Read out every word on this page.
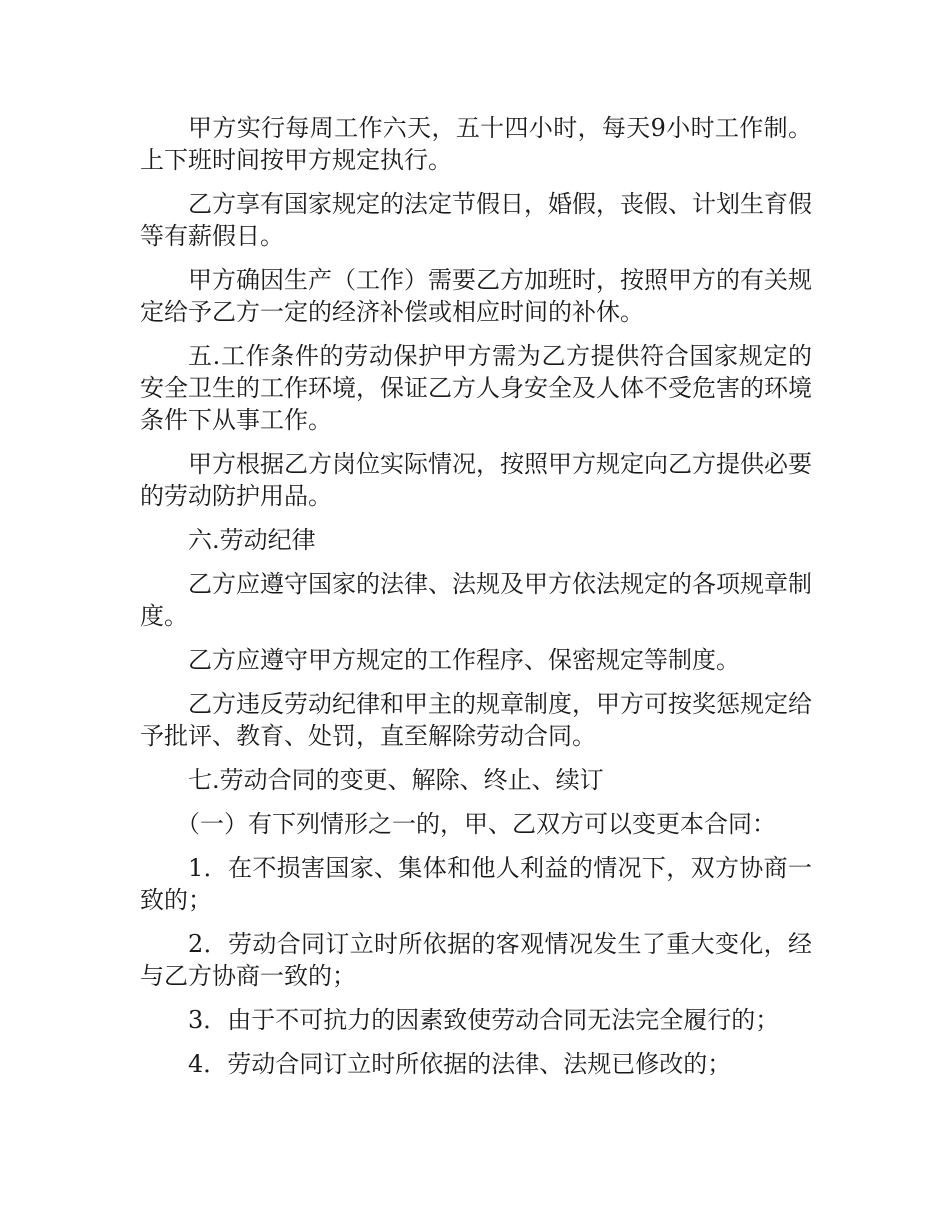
甲方实行每周工作六天，五十四小时，每天9小时工作制。上下班时间按甲方规定执行。

乙方享有国家规定的法定节假日，婚假，丧假、计划生育假等有薪假日。

甲方确因生产（工作）需要乙方加班时，按照甲方的有关规定给予乙方一定的经济补偿或相应时间的补休。

五.工作条件的劳动保护甲方需为乙方提供符合国家规定的安全卫生的工作环境，保证乙方人身安全及人体不受危害的环境条件下从事工作。

甲方根据乙方岗位实际情况，按照甲方规定向乙方提供必要的劳动防护用品。

六.劳动纪律

乙方应遵守国家的法律、法规及甲方依法规定的各项规章制度。

乙方应遵守甲方规定的工作程序、保密规定等制度。

乙方违反劳动纪律和甲主的规章制度，甲方可按奖惩规定给予批评、教育、处罚，直至解除劳动合同。

七.劳动合同的变更、解除、终止、续订

（一）有下列情形之一的，甲、乙双方可以变更本合同：

1．在不损害国家、集体和他人利益的情况下，双方协商一致的；

2．劳动合同订立时所依据的客观情况发生了重大变化，经与乙方协商一致的；

3．由于不可抗力的因素致使劳动合同无法完全履行的；

4．劳动合同订立时所依据的法律、法规已修改的；
